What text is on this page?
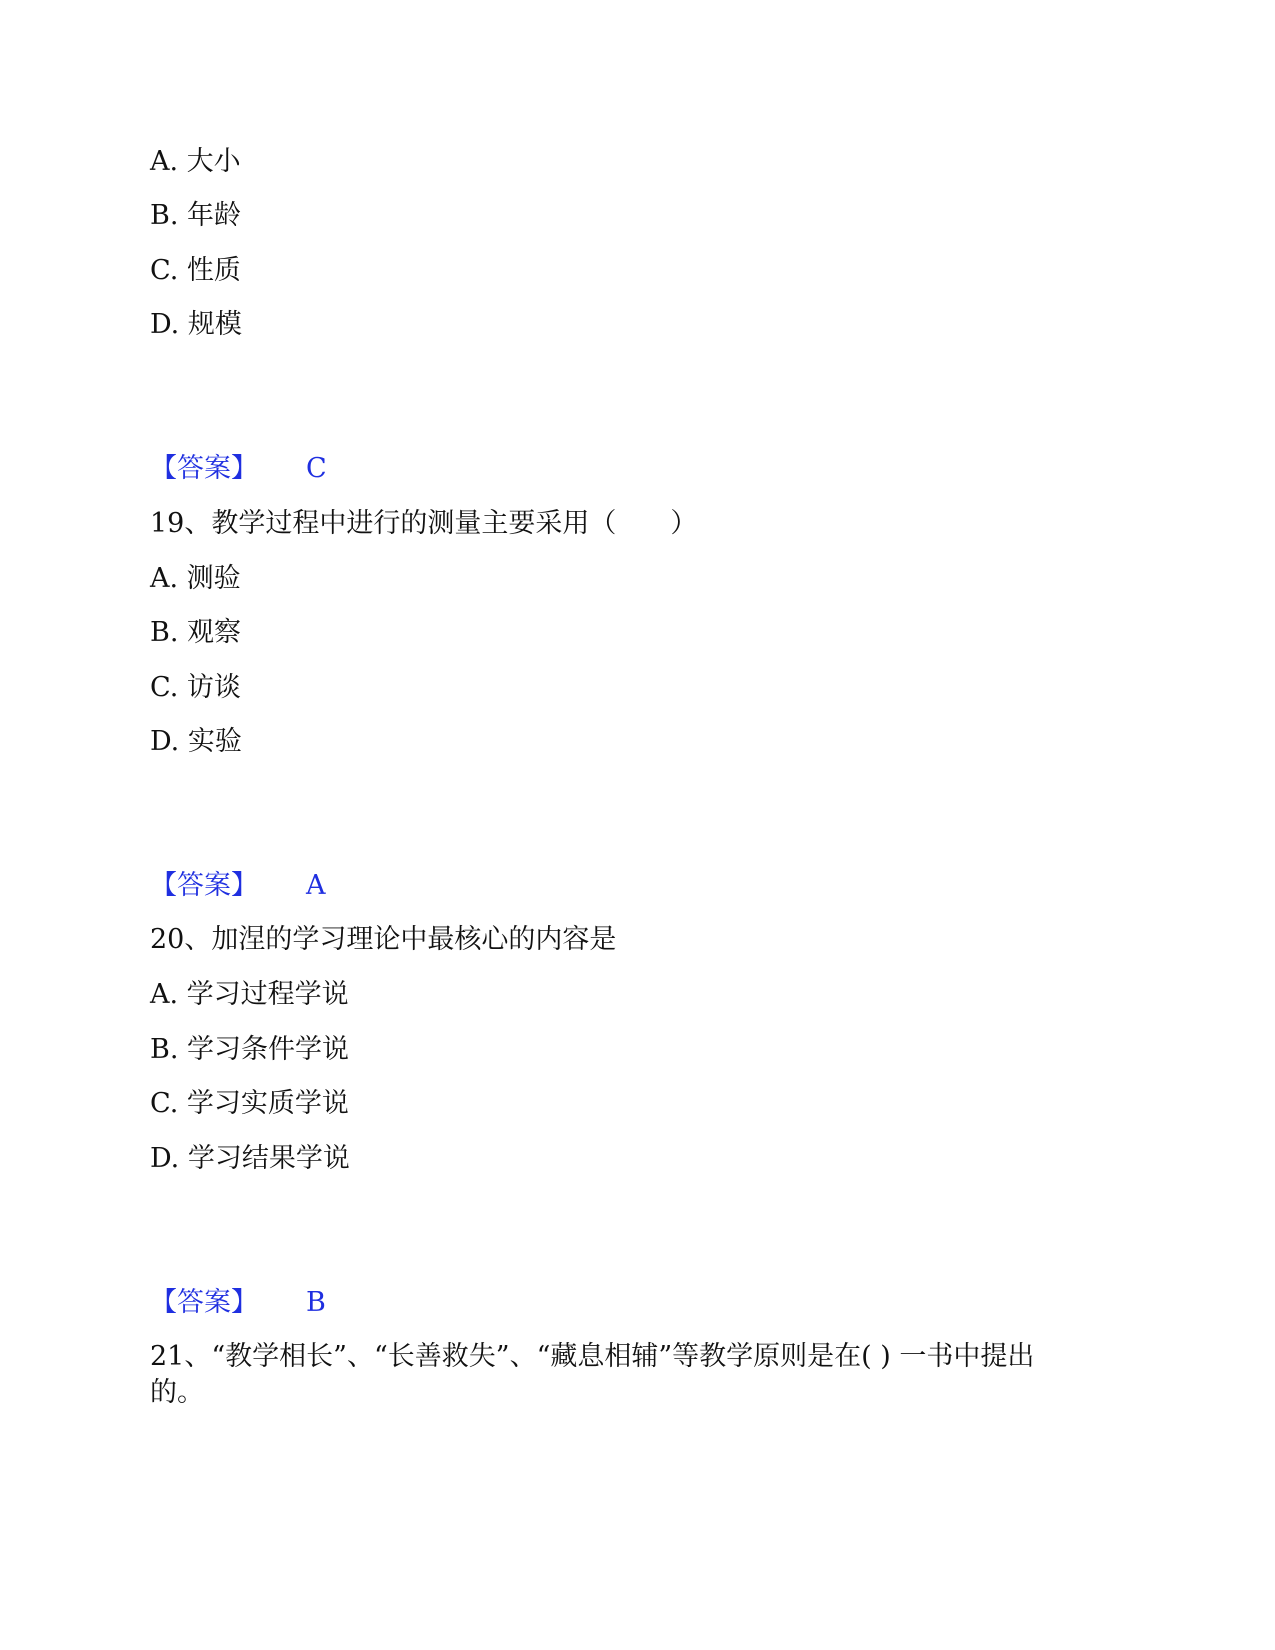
A. 大小
B. 年龄
C. 性质
D. 规模
【答案】 C
19、教学过程中进行的测量主要采用（　　）
A. 测验
B. 观察
C. 访谈
D. 实验
【答案】 A
20、加涅的学习理论中最核心的内容是
A. 学习过程学说
B. 学习条件学说
C. 学习实质学说
D. 学习结果学说
【答案】 B
21、“教学相长”、“长善救失”、“藏息相辅”等教学原则是在( ) 一书中提出
的。
